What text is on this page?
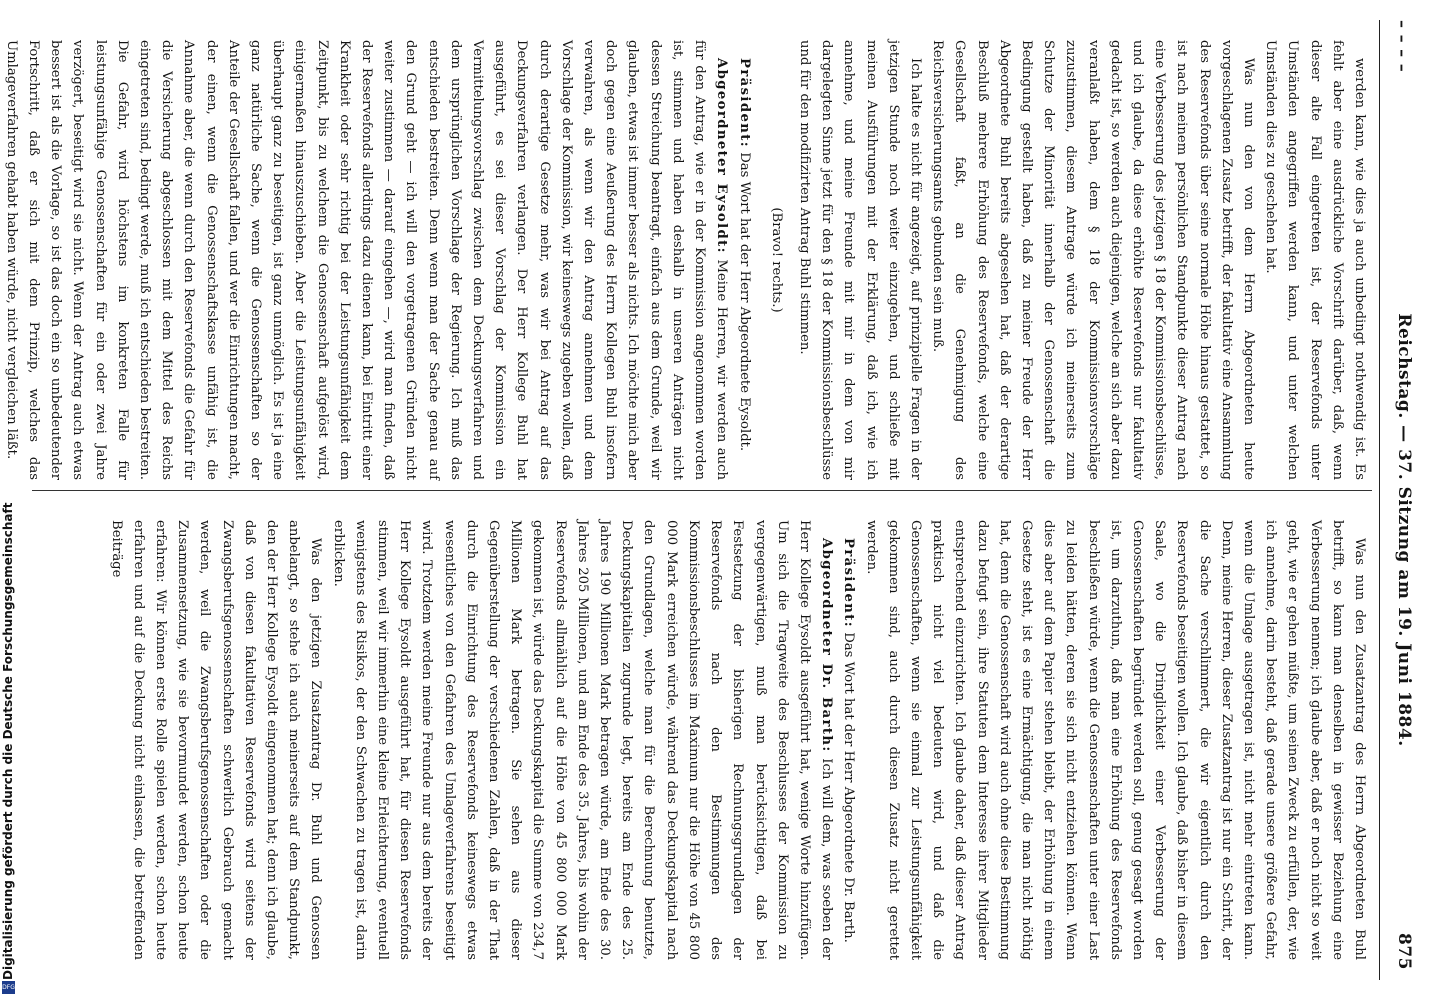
– – – –
Reichstag. — 37. Sitzung am 19. Juni 1884.
875

werden kann, wie dies ja auch unbedingt nothwendig ist. Es fehlt aber eine ausdrückliche Vorschrift darüber, daß, wenn dieser alte Fall eingetreten ist, der Reservefonds unter Umständen angegriffen werden kann, und unter welchen Umständen dies zu geschehen hat.

Was nun den von dem Herrn Abgeordneten heute vorgeschlagenen Zusatz betrifft, der fakultativ eine Ansammlung des Reservefonds über seine normale Höhe hinaus gestattet, so ist nach meinem persönlichen Standpunkte dieser Antrag nach eine Verbesserung des jetzigen § 18 der Kommissionsbeschlüsse, und ich glaube, da diese erhöhte Reservefonds nur fakultativ gedacht ist, so werden auch diejenigen, welche an sich aber dazu veranlaßt haben, dem § 18 der Kommissionsvorschläge zuzustimmen, diesem Antrage würde ich meinerseits zum Schutze der Minorität innerhalb der Genossenschaft die Bedingung gestellt haben, daß zu meiner Freude der Herr Abgeordnete Buhl bereits abgesehen hat, daß der derartige Beschluß mehrere Erhöhung des Reservefonds, welche eine Gesellschaft faßt, an die Genehmigung des Reichsversicherungsamts gebunden sein muß.

Ich halte es nicht für angezeigt, auf prinzipielle Fragen in der jetzigen Stunde noch weiter einzugehen, und schließe mit meinen Ausführungen mit der Erklärung, daß ich, wie ich annehme, und meine Freunde mit mir in dem von mir dargelegten Sinne jetzt für den § 18 der Kommissionsbeschlüsse und für den modifizirten Antrag Buhl stimmen.

(Bravo! rechts.)

Präsident: Das Wort hat der Herr Abgeordnete Eysoldt.

Abgeordneter Eysoldt: Meine Herren, wir werden auch für den Antrag, wie er in der Kommission angenommen worden ist, stimmen und haben deshalb in unseren Anträgen nicht dessen Streichung beantragt, einfach aus dem Grunde, weil wir glauben, etwas ist immer besser als nichts. Ich möchte mich aber doch gegen eine Aeußerung des Herrn Kollegen Buhl insofern verwahren, als wenn wir den Antrag annehmen und dem Vorschlage der Kommission, wir keineswegs zugeben wollen, daß durch derartige Gesetze mehr, was wir bei Antrag auf das Deckungsverfahren verlangen. Der Herr Kollege Buhl hat ausgeführt, es sei dieser Vorschlag der Kommission ein Vermittelungsvorschlag zwischen dem Deckungsverfahren und dem ursprünglichen Vorschlage der Regierung. Ich muß das entschieden bestreiten. Denn wenn man der Sache genau auf den Grund geht — ich will den vorgetragenen Gründen nicht weiter zustimmen — darauf eingehen —, wird man finden, daß der Reservefonds allerdings dazu dienen kann, bei Eintritt einer Krankheit oder sehr richtig bei der Leistungsunfähigkeit dem Zeitpunkt, bis zu welchem die Genossenschaft aufgelöst wird, einigermaßen hinauszuschieben. Aber die Leistungsunfähigkeit überhaupt ganz zu beseitigen, ist ganz unmöglich. Es ist ja eine ganz natürliche Sache, wenn die Genossenschaften so der Anteile der Gesellschaft fallen, und wer die Einrichtungen macht, der einen, wenn die Genossenschaftskasse unfähig ist, die Annahme aber, die wenn durch den Reservefonds die Gefahr für die Versicherung abgeschlossen mit dem Mittel des Reichs eingetreten sind, bedingt werde, muß ich entschieden bestreiten. Die Gefahr, wird höchstens im konkreten Falle für leistungsunfähige Genossenschaften für ein oder zwei Jahre verzögert, beseitigt wird sie nicht. Wenn der Antrag auch etwas bessert ist als die Vorlage, so ist das doch ein so unbedeutender Fortschritt, daß er sich mit dem Prinzip, welches das Umlageverfahren gehabt haben würde, nicht vergleichen läßt.

Was nun den Zusatzantrag des Herrn Abgeordneten Buhl betrifft, so kann man denselben in gewisser Beziehung eine Verbesserung nennen; ich glaube aber, daß er noch nicht so weit geht, wie er gehen müßte, um seinen Zweck zu erfüllen, der, wie ich annehme, darin besteht, daß gerade unsere größere Gefahr, wenn die Umlage ausgetragen ist, nicht mehr eintreten kann. Denn, meine Herren, dieser Zusatzantrag ist nur ein Schritt, der die Sache verschlimmert, die wir eigentlich durch den Reservefonds beseitigen wollen. Ich glaube, daß bisher in diesem Saale, wo die Dringlichkeit einer Verbesserung der Genossenschaften begründet werden soll, genug gesagt worden ist, um darzuthun, daß man eine Erhöhung des Reservefonds beschließen würde, wenn die Genossenschaften unter einer Last zu leiden hätten, deren sie sich nicht entziehen können. Wenn dies aber auf dem Papier stehen bleibt, der Erhöhung in einem Gesetze steht, ist es eine Ermächtigung, die man nicht nöthig hat, denn die Genossenschaft wird auch ohne diese Bestimmung dazu befugt sein, ihre Statuten dem Interesse ihrer Mitglieder entsprechend einzurichten. Ich glaube daher, daß dieser Antrag praktisch nicht viel bedeuten wird, und daß die Genossenschaften, wenn sie einmal zur Leistungsunfähigkeit gekommen sind, auch durch diesen Zusatz nicht gerettet werden.

Präsident: Das Wort hat der Herr Abgeordnete Dr. Barth.

Abgeordneter Dr. Barth: Ich will dem, was soeben der Herr Kollege Eysoldt ausgeführt hat, wenige Worte hinzufügen. Um sich die Tragweite des Beschlusses der Kommission zu vergegenwärtigen, muß man berücksichtigen, daß bei Festsetzung der bisherigen Rechnungsgrundlagen der Reservefonds nach den Bestimmungen des Kommissionsbeschlusses im Maximum nur die Höhe von 45 800 000 Mark erreichen würde, während das Deckungskapital nach den Grundlagen, welche man für die Berechnung benutzte, Deckungskapitalien zugrunde legt, bereits am Ende des 25. Jahres 190 Millionen Mark betragen würde, am Ende des 30. Jahres 205 Millionen, und am Ende des 35. Jahres, bis wohin der Reservefonds allmählich auf die Höhe von 45 800 000 Mark gekommen ist, würde das Deckungskapital die Summe von 234,7 Millionen Mark betragen. Sie sehen aus dieser Gegenüberstellung der verschiedenen Zahlen, daß in der That durch die Einrichtung des Reservefonds keineswegs etwas wesentliches von den Gefahren des Umlageverfahrens beseitigt wird. Trotzdem werden meine Freunde nur aus dem bereits der Herr Kollege Eysoldt ausgeführt hat, für diesen Reservefonds stimmen, weil wir immerhin eine kleine Erleichterung, eventuell wenigstens des Risikos, der den Schwachen zu tragen ist, darin erblicken.

Was den jetzigen Zusatzantrag Dr. Buhl und Genossen anbelangt, so stehe ich auch meinerseits auf dem Standpunkt, den der Herr Kollege Eysoldt eingenommen hat; denn ich glaube, daß von diesen fakultativen Reservefonds wird seitens der Zwangsberufsgenossenschaften schwerlich Gebrauch gemacht werden, weil die Zwangsberufsgenossenschaften oder die Zusammensetzung, wie sie bevormundet werden, schon heute erfahren: Wir können erste Rolle spielen werden, schon heute erfahren und auf die Deckung nicht einlassen, die betreffenden Beiträge

Digitalisierung gefördert durch die Deutsche Forschungsgemeinschaft
DFG
